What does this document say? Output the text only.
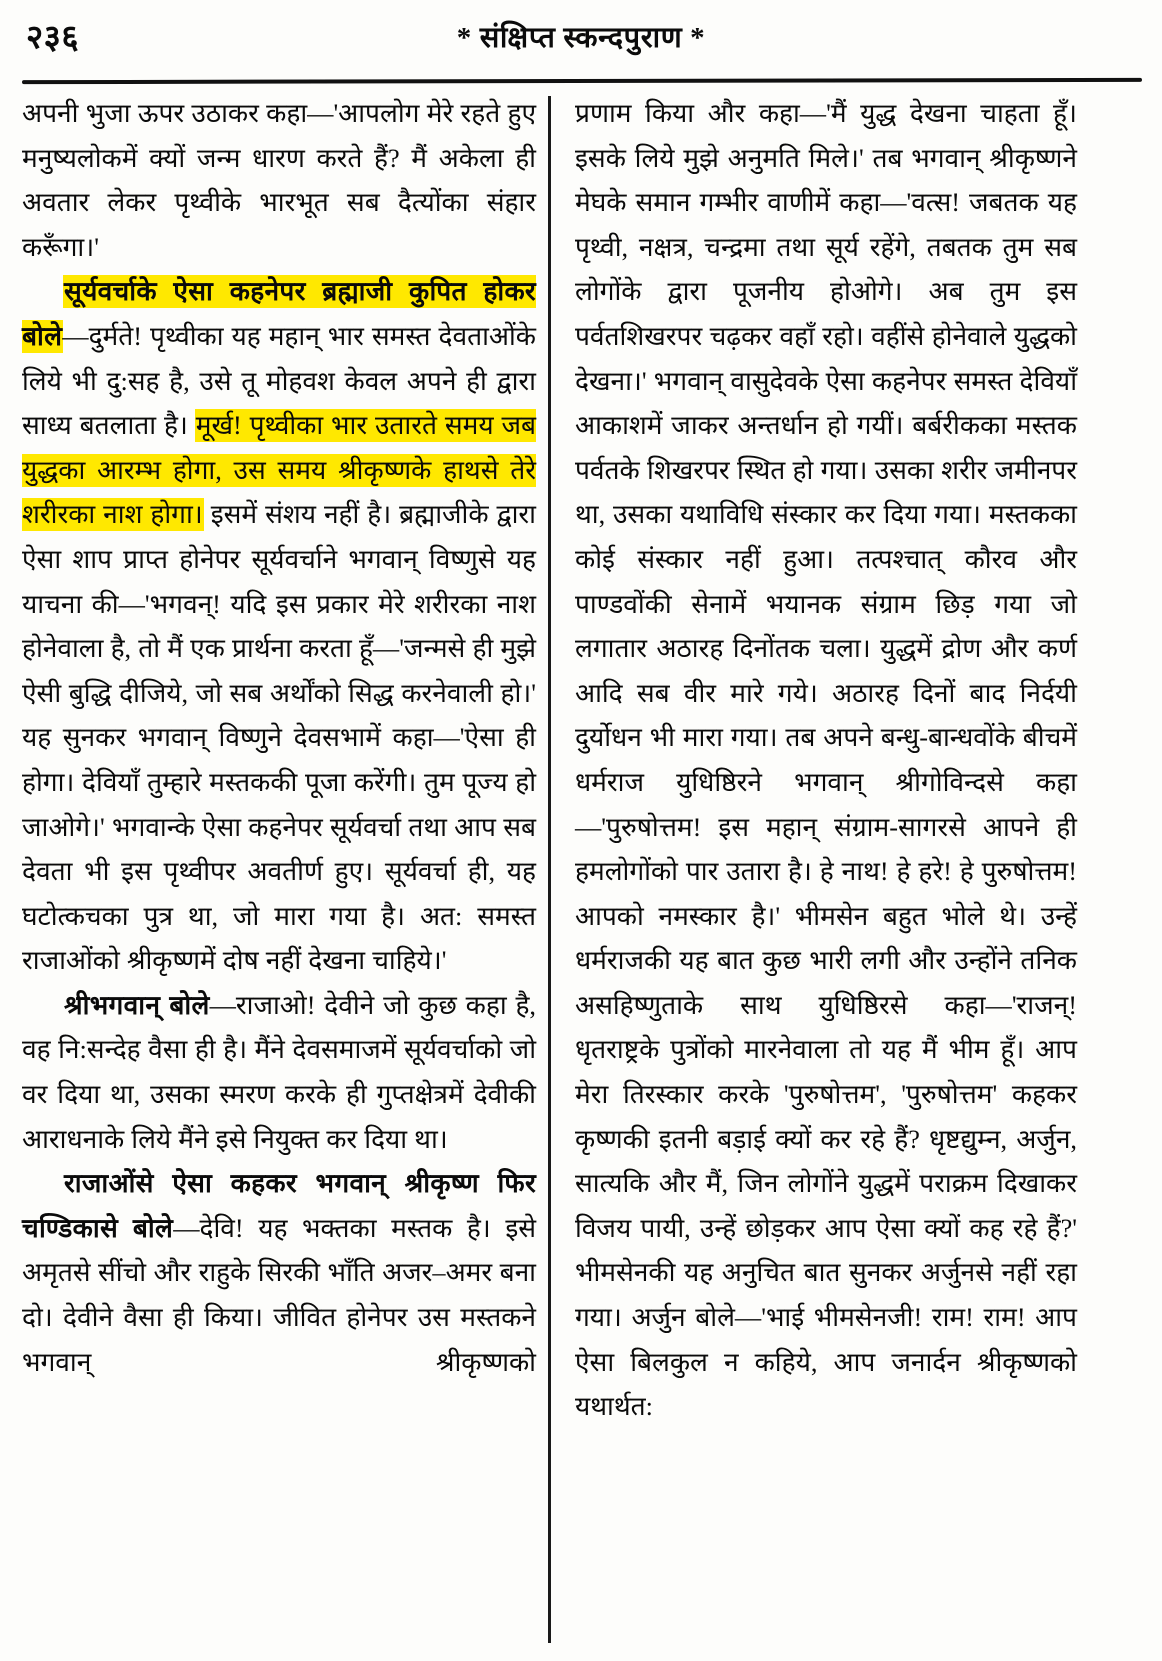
२३६	* संक्षिप्त स्कन्दपुराण *

अपनी भुजा ऊपर उठाकर कहा—'आपलोग मेरे रहते हुए मनुष्यलोकमें क्यों जन्म धारण करते हैं? मैं अकेला ही अवतार लेकर पृथ्वीके भारभूत सब दैत्योंका संहार करूँगा।'

सूर्यवर्चाके ऐसा कहनेपर ब्रह्माजी कुपित होकर बोले—दुर्मते! पृथ्वीका यह महान् भार समस्त देवताओंके लिये भी दु:सह है, उसे तू मोहवश केवल अपने ही द्वारा साध्य बतलाता है। मूर्ख! पृथ्वीका भार उतारते समय जब युद्धका आरम्भ होगा, उस समय श्रीकृष्णके हाथसे तेरे शरीरका नाश होगा। इसमें संशय नहीं है। ब्रह्माजीके द्वारा ऐसा शाप प्राप्त होनेपर सूर्यवर्चाने भगवान् विष्णुसे यह याचना की—'भगवन्! यदि इस प्रकार मेरे शरीरका नाश होनेवाला है, तो मैं एक प्रार्थना करता हूँ—'जन्मसे ही मुझे ऐसी बुद्धि दीजिये, जो सब अर्थोंको सिद्ध करनेवाली हो।' यह सुनकर भगवान् विष्णुने देवसभामें कहा—'ऐसा ही होगा। देवियाँ तुम्हारे मस्तककी पूजा करेंगी। तुम पूज्य हो जाओगे।' भगवान्के ऐसा कहनेपर सूर्यवर्चा तथा आप सब देवता भी इस पृथ्वीपर अवतीर्ण हुए। सूर्यवर्चा ही, यह घटोत्कचका पुत्र था, जो मारा गया है। अत: समस्त राजाओंको श्रीकृष्णमें दोष नहीं देखना चाहिये।'

श्रीभगवान् बोले—राजाओ! देवीने जो कुछ कहा है, वह नि:सन्देह वैसा ही है। मैंने देवसमाजमें सूर्यवर्चाको जो वर दिया था, उसका स्मरण करके ही गुप्तक्षेत्रमें देवीकी आराधनाके लिये मैंने इसे नियुक्त कर दिया था।

राजाओंसे ऐसा कहकर भगवान् श्रीकृष्ण फिर चण्डिकासे बोले—देवि! यह भक्तका मस्तक है। इसे अमृतसे सींचो और राहुके सिरकी भाँति अजर–अमर बना दो। देवीने वैसा ही किया। जीवित होनेपर उस मस्तकने भगवान् श्रीकृष्णको

प्रणाम किया और कहा—'मैं युद्ध देखना चाहता हूँ। इसके लिये मुझे अनुमति मिले।' तब भगवान् श्रीकृष्णने मेघके समान गम्भीर वाणीमें कहा—'वत्स! जबतक यह पृथ्वी, नक्षत्र, चन्द्रमा तथा सूर्य रहेंगे, तबतक तुम सब लोगोंके द्वारा पूजनीय होओगे। अब तुम इस पर्वतशिखरपर चढ़कर वहाँ रहो। वहींसे होनेवाले युद्धको देखना।' भगवान् वासुदेवके ऐसा कहनेपर समस्त देवियाँ आकाशमें जाकर अन्तर्धान हो गयीं। बर्बरीकका मस्तक पर्वतके शिखरपर स्थित हो गया। उसका शरीर जमीनपर था, उसका यथाविधि संस्कार कर दिया गया। मस्तकका कोई संस्कार नहीं हुआ। तत्पश्चात् कौरव और पाण्डवोंकी सेनामें भयानक संग्राम छिड़ गया जो लगातार अठारह दिनोंतक चला। युद्धमें द्रोण और कर्ण आदि सब वीर मारे गये। अठारह दिनों बाद निर्दयी दुर्योधन भी मारा गया। तब अपने बन्धु-बान्धवोंके बीचमें धर्मराज युधिष्ठिरने भगवान् श्रीगोविन्दसे कहा—'पुरुषोत्तम! इस महान् संग्राम-सागरसे आपने ही हमलोगोंको पार उतारा है। हे नाथ! हे हरे! हे पुरुषोत्तम! आपको नमस्कार है।' भीमसेन बहुत भोले थे। उन्हें धर्मराजकी यह बात कुछ भारी लगी और उन्होंने तनिक असहिष्णुताके साथ युधिष्ठिरसे कहा—'राजन्! धृतराष्ट्रके पुत्रोंको मारनेवाला तो यह मैं भीम हूँ। आप मेरा तिरस्कार करके 'पुरुषोत्तम', 'पुरुषोत्तम' कहकर कृष्णकी इतनी बड़ाई क्यों कर रहे हैं? धृष्टद्युम्न, अर्जुन, सात्यकि और मैं, जिन लोगोंने युद्धमें पराक्रम दिखाकर विजय पायी, उन्हें छोड़कर आप ऐसा क्यों कह रहे हैं?' भीमसेनकी यह अनुचित बात सुनकर अर्जुनसे नहीं रहा गया। अर्जुन बोले—'भाई भीमसेनजी! राम! राम! आप ऐसा बिलकुल न कहिये, आप जनार्दन श्रीकृष्णको यथार्थत:
